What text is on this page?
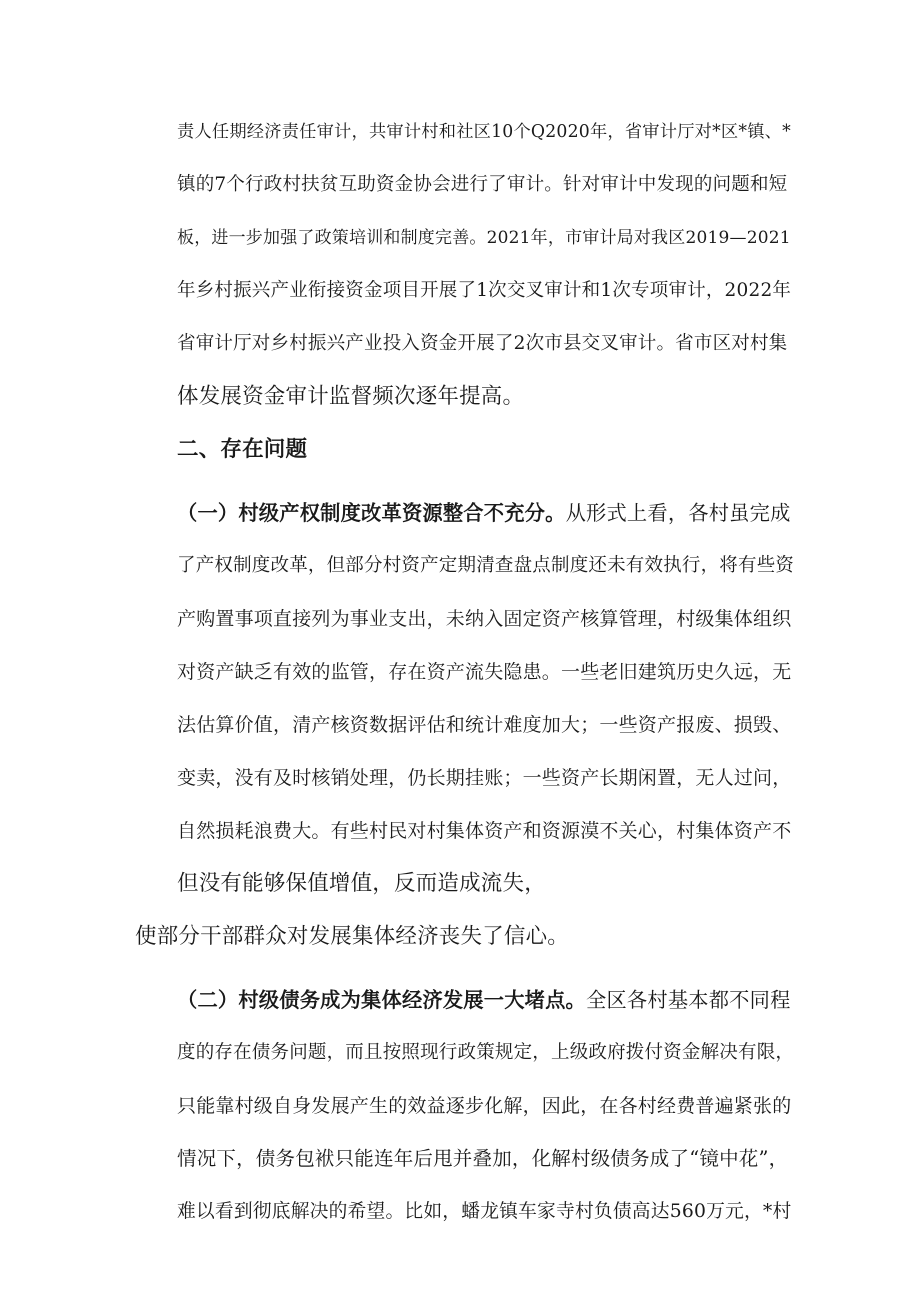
责人任期经济责任审计，共审计村和社区10个Q2020年，省审计厅对*区*镇、*
镇的7个行政村扶贫互助资金协会进行了审计。针对审计中发现的问题和短
板，进一步加强了政策培训和制度完善。2021年，市审计局对我区2019—2021
年乡村振兴产业衔接资金项目开展了1次交叉审计和1次专项审计，2022年
省审计厅对乡村振兴产业投入资金开展了2次市县交叉审计。省市区对村集
体发展资金审计监督频次逐年提高。
二、存在问题
（一）村级产权制度改革资源整合不充分。从形式上看，各村虽完成
了产权制度改革，但部分村资产定期清查盘点制度还未有效执行，将有些资
产购置事项直接列为事业支出，未纳入固定资产核算管理，村级集体组织
对资产缺乏有效的监管，存在资产流失隐患。一些老旧建筑历史久远，无
法估算价值，清产核资数据评估和统计难度加大；一些资产报废、损毁、
变卖，没有及时核销处理，仍长期挂账；一些资产长期闲置，无人过问，
自然损耗浪费大。有些村民对村集体资产和资源漠不关心，村集体资产不
但没有能够保值增值，反而造成流失，
使部分干部群众对发展集体经济丧失了信心。
（二）村级债务成为集体经济发展一大堵点。全区各村基本都不同程
度的存在债务问题，而且按照现行政策规定，上级政府拨付资金解决有限，
只能靠村级自身发展产生的效益逐步化解，因此，在各村经费普遍紧张的
情况下，债务包袱只能连年后甩并叠加，化解村级债务成了“镜中花”，
难以看到彻底解决的希望。比如，蟠龙镇车家寺村负债高达560万元，*村
